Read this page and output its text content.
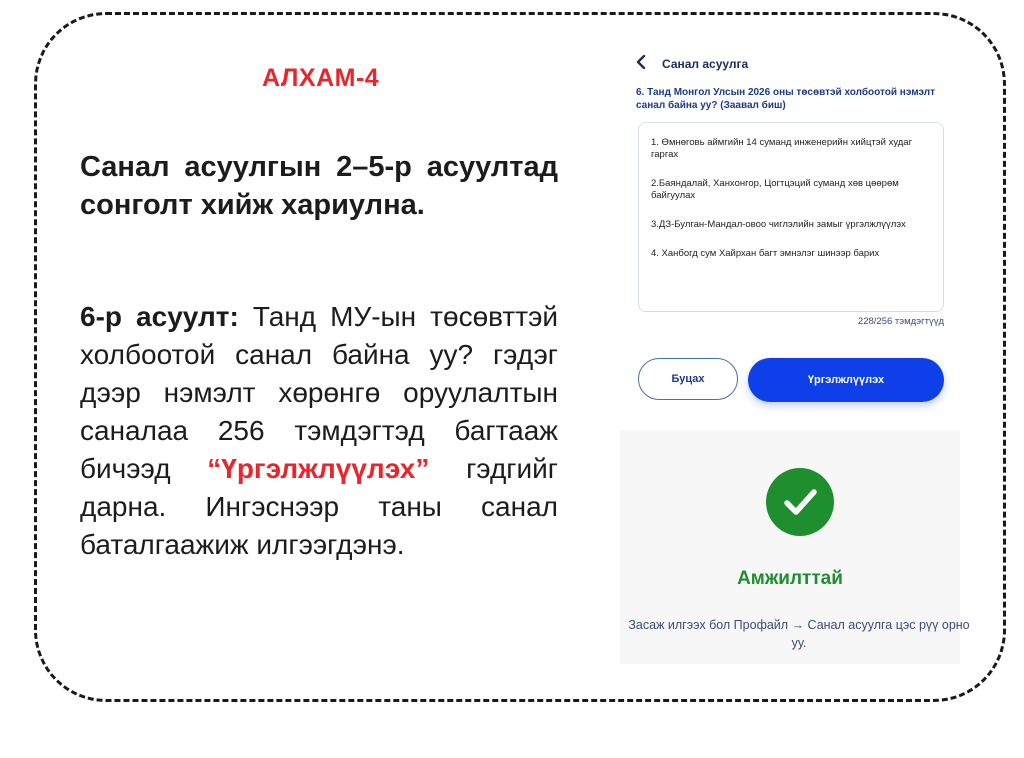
АЛХАМ-4
Санал асуулгын 2–5-р асуултад сонголт хийж хариулна.
6-р асуулт: Танд МУ-ын төсөвттэй холбоотой санал байна уу? гэдэг дээр нэмэлт хөрөнгө оруулалтын саналаа 256 тэмдэгтэд багтааж бичээд “Үргэлжлүүлэх” гэдгийг дарна. Ингэснээр таны санал баталгаажиж илгээгдэнэ.
Санал асуулга
6. Танд Монгол Улсын 2026 оны төсөвтэй холбоотой нэмэлт санал байна уу? (Заавал биш)
1. Өмнөговь аймгийн 14 суманд инженерийн хийцтэй худаг гаргах
2.Баяндалай, Ханхонгор, Цогтцэций суманд хөв цөөрөм байгуулах
3.ДЗ-Булган-Мандал-овоо чиглэлийн замыг үргэлжлүүлэх
4. Ханбогд сум Хайрхан багт эмнэлэг шинээр барих
228/256 тэмдэгтүүд
Буцах	Үргэлжлүүлэх
Амжилттай
Засаж илгээх бол Профайл → Санал асуулга цэс рүү орно уу.
